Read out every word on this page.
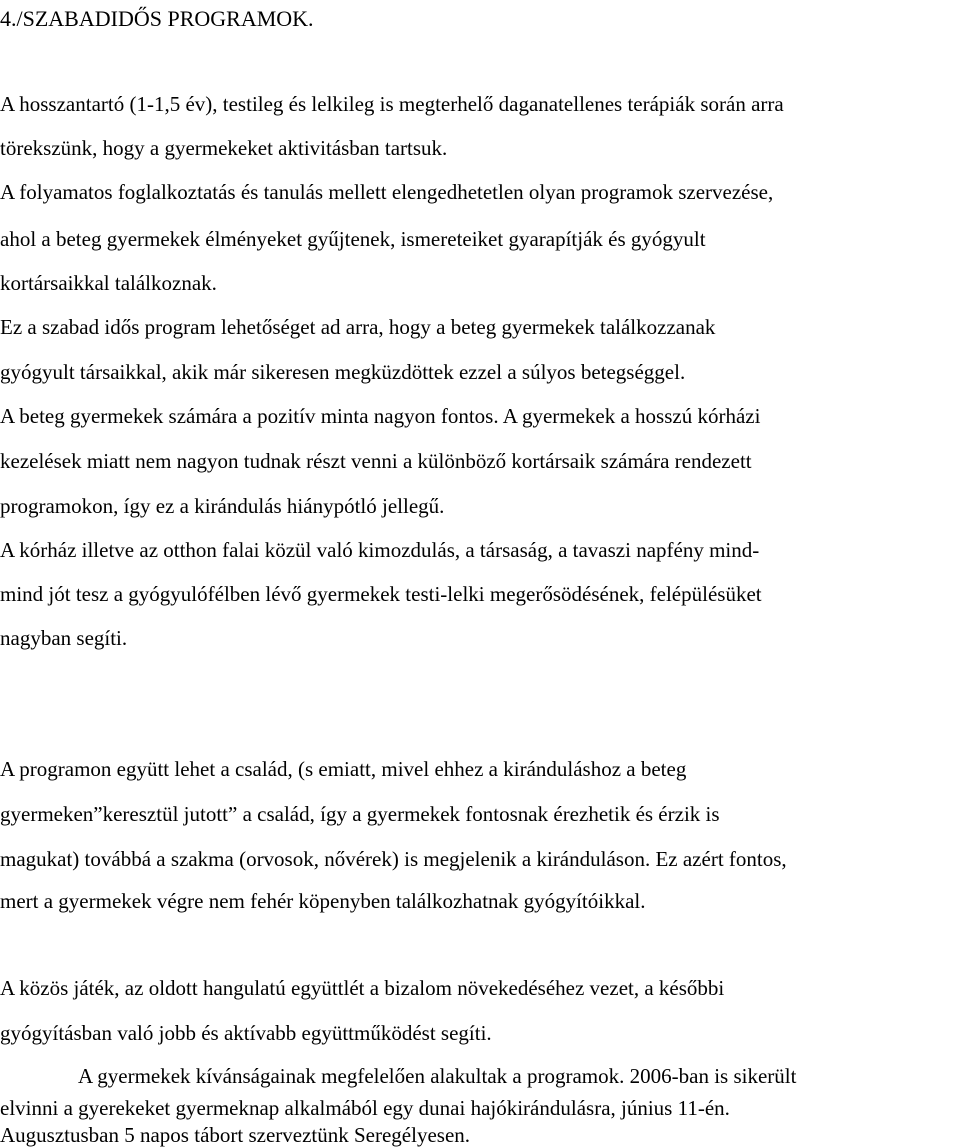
4./SZABADIDŐS PROGRAMOK.
A hosszantartó (1-1,5 év), testileg és lelkileg is megterhelő daganatellenes terápiák során arra
törekszünk, hogy a gyermekeket aktivitásban tartsuk.
A folyamatos foglalkoztatás és tanulás mellett elengedhetetlen olyan programok szervezése,
ahol a beteg gyermekek élményeket gyűjtenek, ismereteiket gyarapítják és gyógyult
kortársaikkal találkoznak.
Ez a szabad idős program lehetőséget ad arra, hogy a beteg gyermekek találkozzanak
gyógyult társaikkal, akik már sikeresen megküzdöttek ezzel a súlyos betegséggel.
A beteg gyermekek számára a pozitív minta nagyon fontos. A gyermekek a hosszú kórházi
kezelések miatt nem nagyon tudnak részt venni a különböző kortársaik számára rendezett
programokon, így ez a kirándulás hiánypótló jellegű.
A kórház illetve az otthon falai közül való kimozdulás, a társaság, a tavaszi napfény mind-
mind jót tesz a gyógyulófélben lévő gyermekek testi-lelki megerősödésének, felépülésüket
nagyban segíti.
A programon együtt lehet a család, (s emiatt, mivel ehhez a kiránduláshoz a beteg
gyermeken”keresztül jutott” a család, így a gyermekek fontosnak érezhetik és érzik is
magukat) továbbá a szakma (orvosok, nővérek) is megjelenik a kiránduláson. Ez azért fontos,
mert a gyermekek végre nem fehér köpenyben találkozhatnak gyógyítóikkal.
A közös játék, az oldott hangulatú együttlét a bizalom növekedéséhez vezet, a későbbi
gyógyításban való jobb és aktívabb együttműködést segíti.
A gyermekek kívánságainak megfelelően alakultak a programok. 2006-ban is sikerült
elvinni a gyerekeket gyermeknap alkalmából egy dunai hajókirándulásra, június 11-én.
Augusztusban 5 napos tábort szerveztünk Seregélyesen.
